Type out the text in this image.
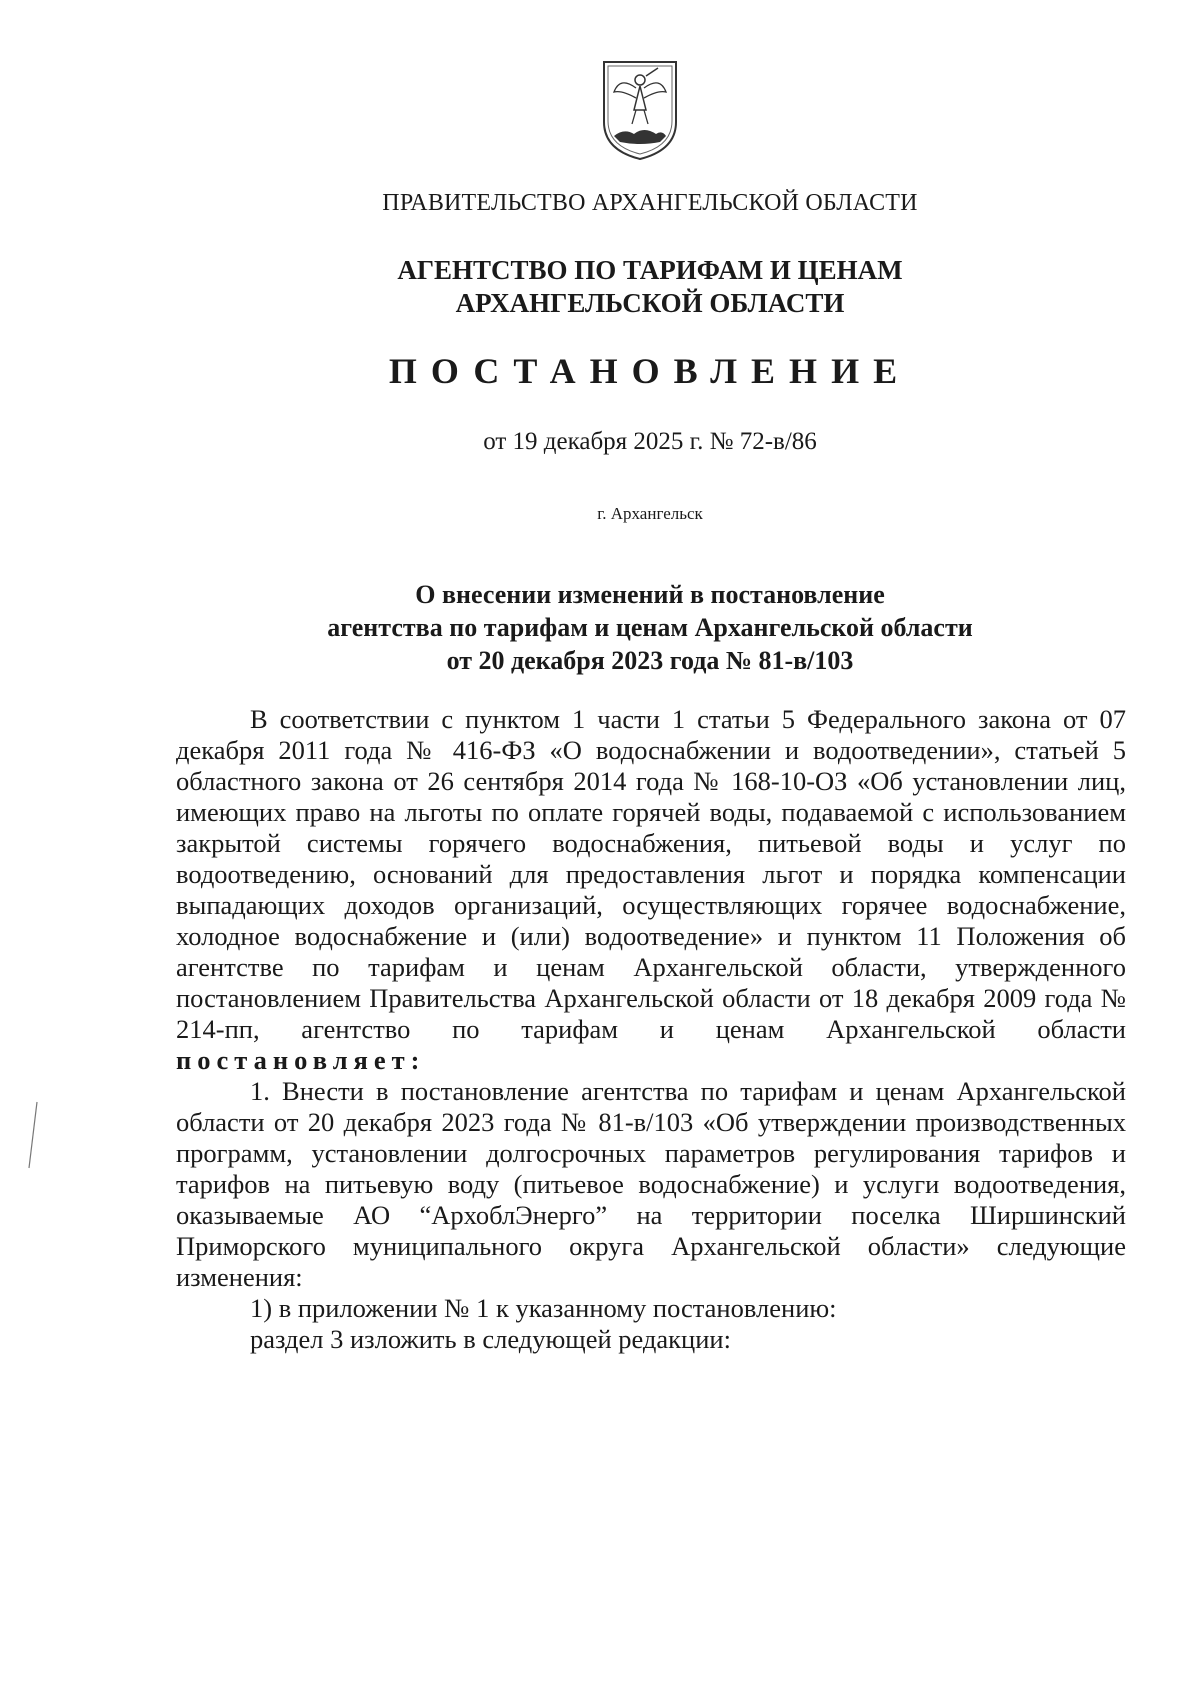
ПРАВИТЕЛЬСТВО АРХАНГЕЛЬСКОЙ ОБЛАСТИ
АГЕНТСТВО ПО ТАРИФАМ И ЦЕНАМ
АРХАНГЕЛЬСКОЙ ОБЛАСТИ
ПОСТАНОВЛЕНИЕ
от 19 декабря 2025 г. № 72-в/86
г. Архангельск
О внесении изменений в постановление
агентства по тарифам и ценам Архангельской области
от 20 декабря 2023 года № 81-в/103

В соответствии с пунктом 1 части 1 статьи 5 Федерального закона от 07 декабря 2011 года № 416-ФЗ «О водоснабжении и водоотведении», статьей 5 областного закона от 26 сентября 2014 года № 168-10-ОЗ «Об установлении лиц, имеющих право на льготы по оплате горячей воды, подаваемой с использованием закрытой системы горячего водоснабжения, питьевой воды и услуг по водоотведению, оснований для предоставления льгот и порядка компенсации выпадающих доходов организаций, осуществляющих горячее водоснабжение, холодное водоснабжение и (или) водоотведение» и пунктом 11 Положения об агентстве по тарифам и ценам Архангельской области, утвержденного постановлением Правительства Архангельской области от 18 декабря 2009 года № 214-пп, агентство по тарифам и ценам Архангельской области постановляет:

1. Внести в постановление агентства по тарифам и ценам Архангельской области от 20 декабря 2023 года № 81-в/103 «Об утверждении производственных программ, установлении долгосрочных параметров регулирования тарифов и тарифов на питьевую воду (питьевое водоснабжение) и услуги водоотведения, оказываемые АО “АрхоблЭнерго” на территории поселка Ширшинский Приморского муниципального округа Архангельской области» следующие изменения:

1) в приложении № 1 к указанному постановлению:

раздел 3 изложить в следующей редакции:
